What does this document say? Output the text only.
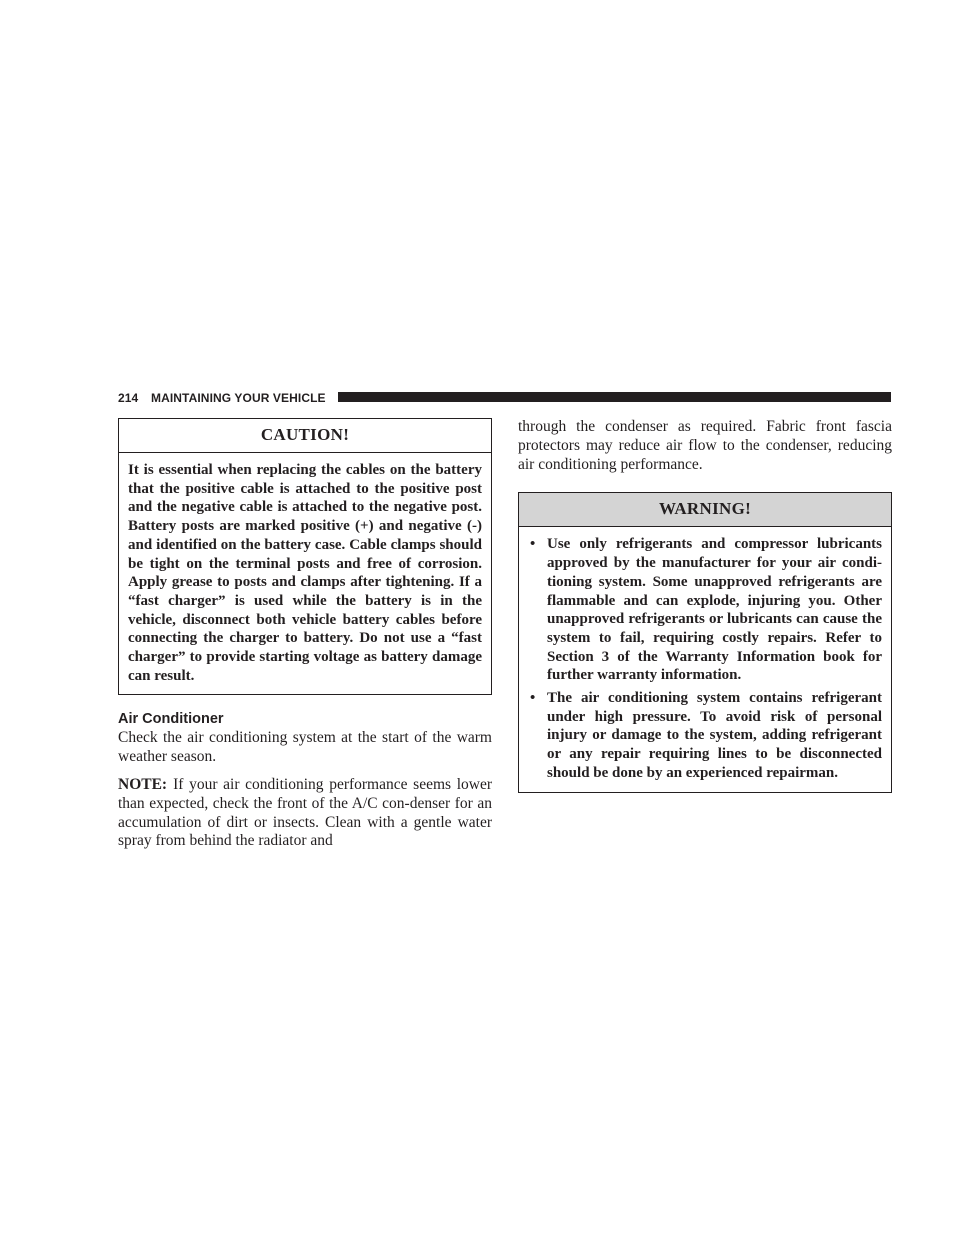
214 MAINTAINING YOUR VEHICLE
CAUTION!
It is essential when replacing the cables on the battery that the positive cable is attached to the positive post and the negative cable is attached to the negative post. Battery posts are marked positive (+) and negative (-) and identified on the battery case. Cable clamps should be tight on the terminal posts and free of corrosion. Apply grease to posts and clamps after tightening. If a “fast charger” is used while the battery is in the vehicle, disconnect both vehicle battery cables before connecting the charger to battery. Do not use a “fast charger” to provide starting voltage as battery damage can result.
Air Conditioner

Check the air conditioning system at the start of the warm weather season.

NOTE: If your air conditioning performance seems lower than expected, check the front of the A/C con-denser for an accumulation of dirt or insects. Clean with a gentle water spray from behind the radiator and

through the condenser as required. Fabric front fascia protectors may reduce air flow to the condenser, reducing air conditioning performance.

WARNING!
• Use only refrigerants and compressor lubricants approved by the manufacturer for your air condi-tioning system. Some unapproved refrigerants are flammable and can explode, injuring you. Other unapproved refrigerants or lubricants can cause the system to fail, requiring costly repairs. Refer to Section 3 of the Warranty Information book for further warranty information.
• The air conditioning system contains refrigerant under high pressure. To avoid risk of personal injury or damage to the system, adding refrigerant or any repair requiring lines to be disconnected should be done by an experienced repairman.
